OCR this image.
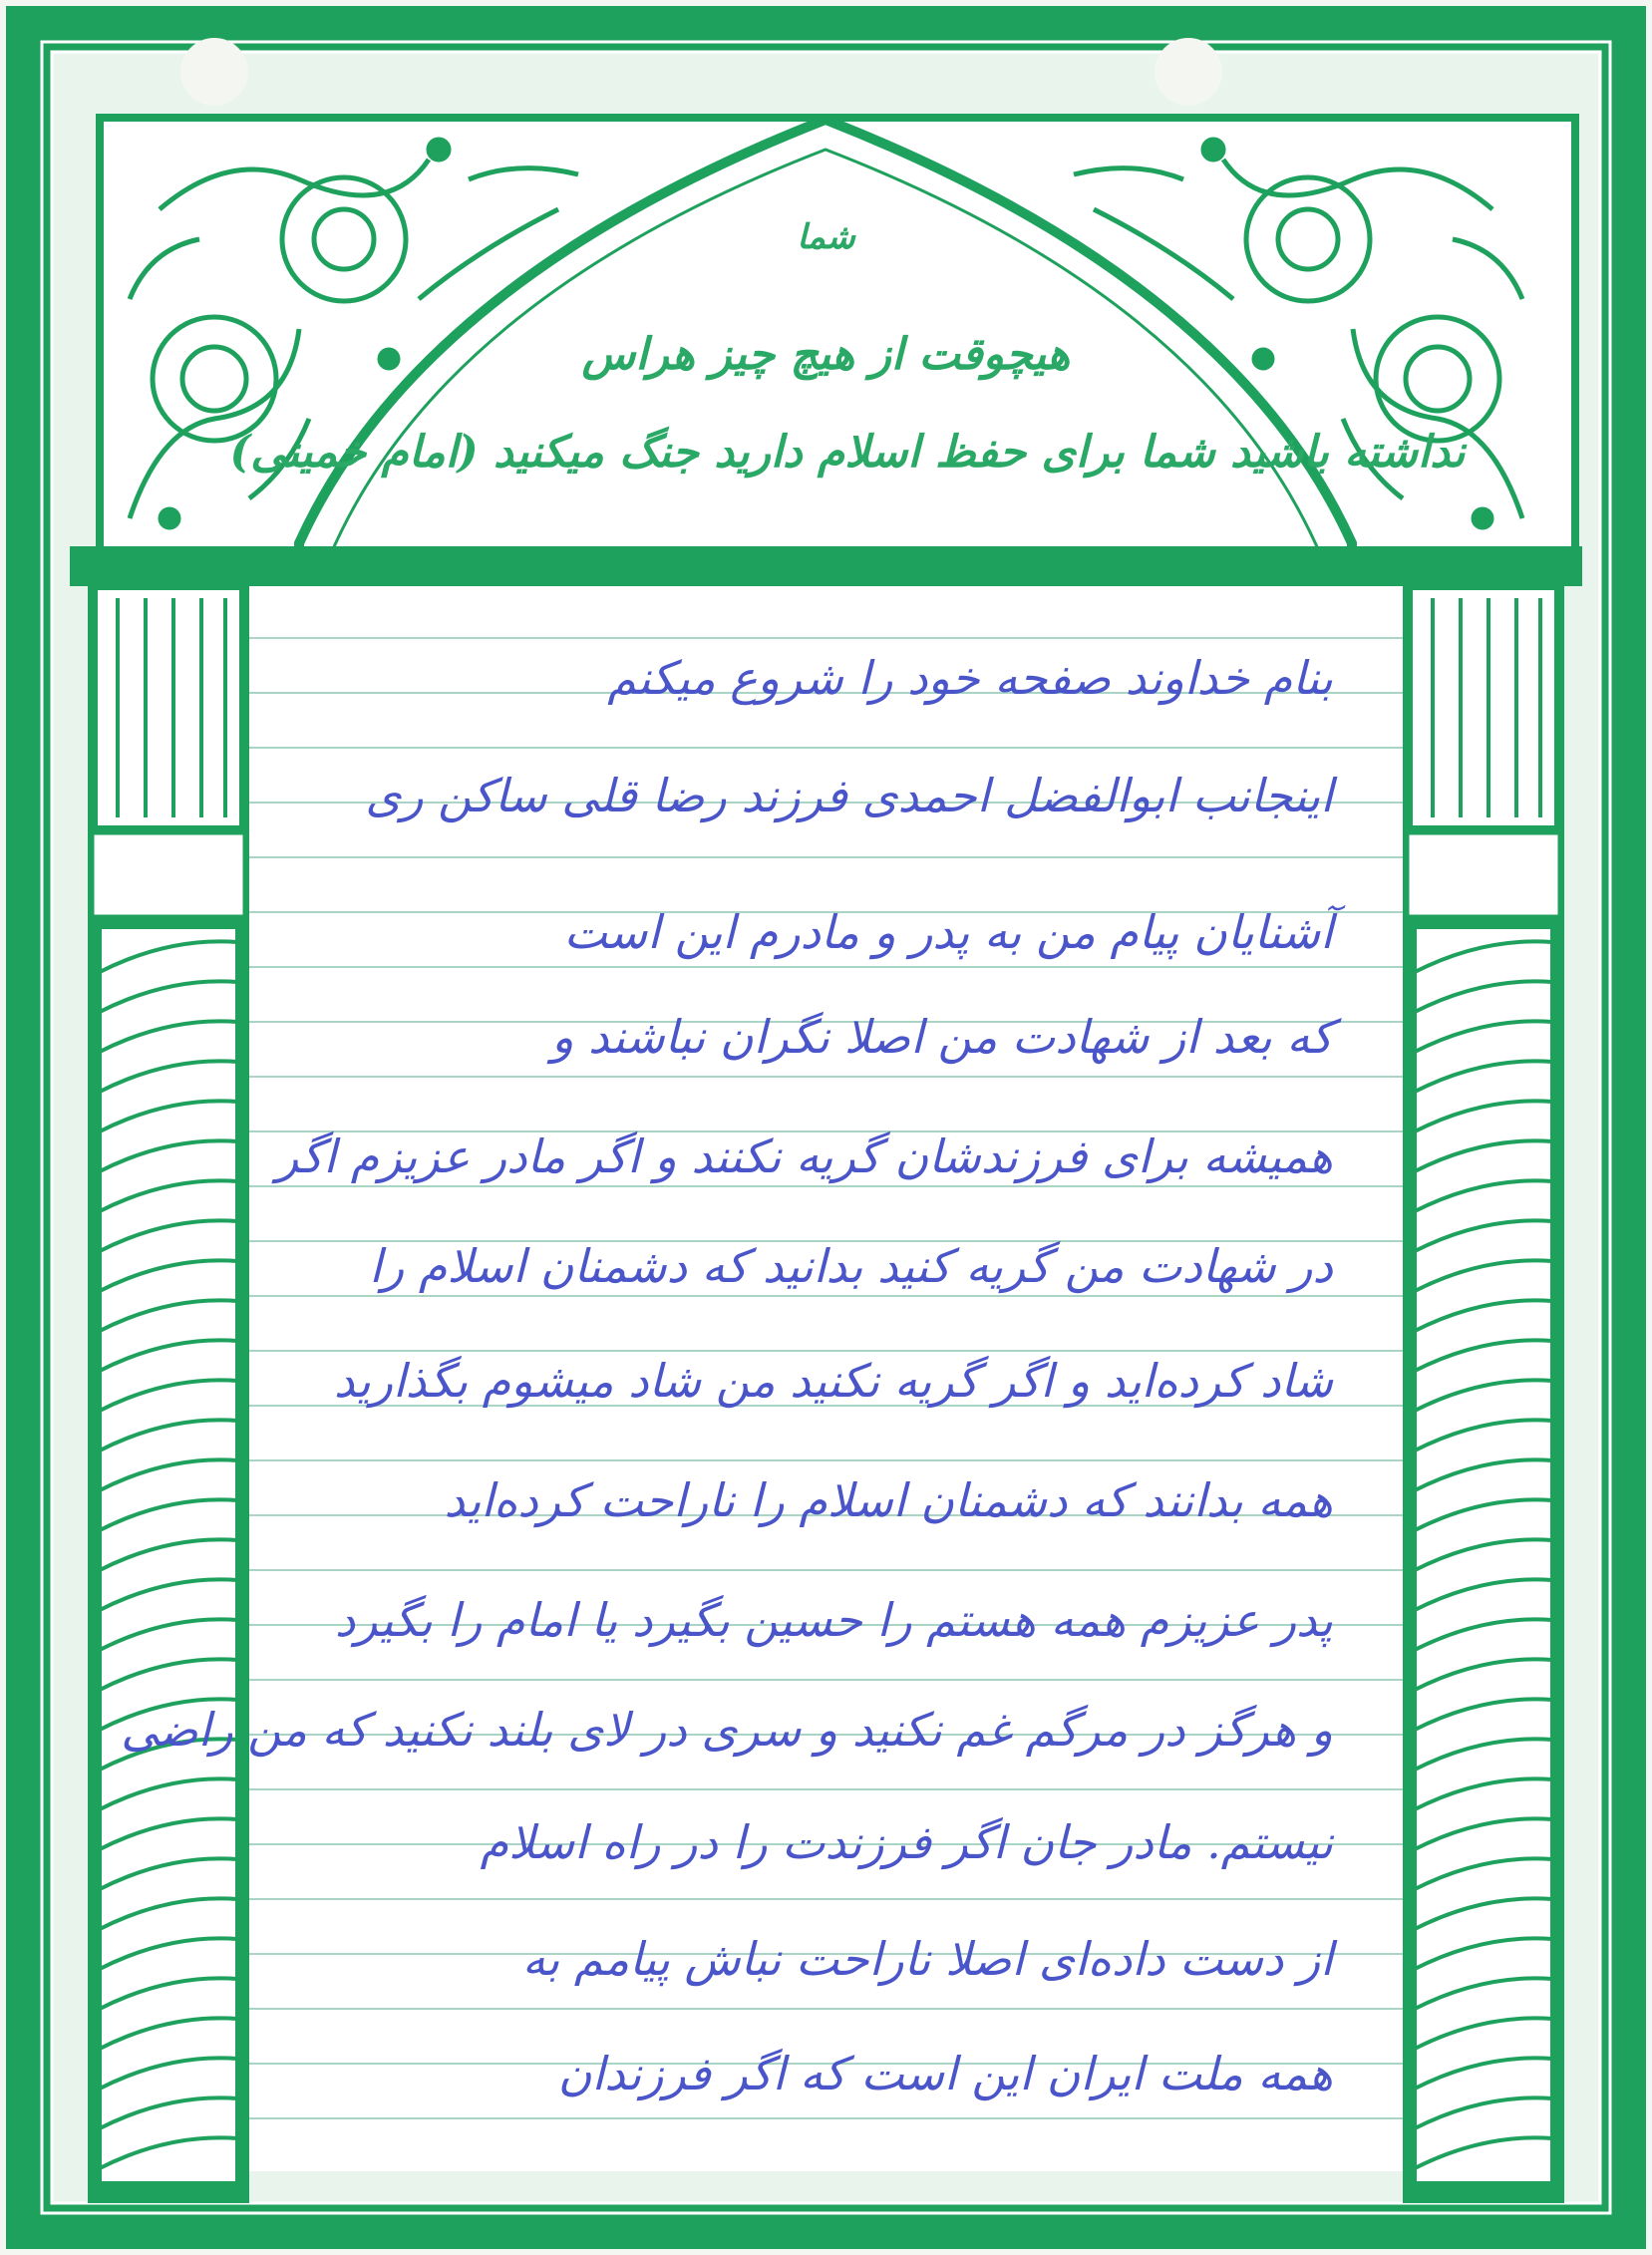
شما
هیچوقت از هیچ چیز هراس
نداشته باشید شما برای حفظ اسلام دارید جنگ میکنید (امام خمینی)
بنام خداوند صفحه خود را شروع میکنم
اینجانب ابوالفضل احمدی فرزند رضا قلی ساکن ری
آشنایان پیام من به پدر و مادرم این است
که بعد از شهادت من اصلا نگران نباشند و
همیشه برای فرزندشان گریه نکنند و اگر مادر عزیزم اگر
در شهادت من گریه کنید بدانید که دشمنان اسلام را
شاد کرده‌اید و اگر گریه نکنید من شاد میشوم بگذارید
همه بدانند که دشمنان اسلام را ناراحت کرده‌اید
پدر عزیزم همه هستم را حسین بگیرد یا امام را بگیرد
و هرگز در مرگم غم نکنید و سری در لای بلند نکنید که من راضی
نیستم. مادر جان اگر فرزندت را در راه اسلام
از دست داده‌ای اصلا ناراحت نباش پیامم به
همه ملت ایران این است که اگر فرزندان
